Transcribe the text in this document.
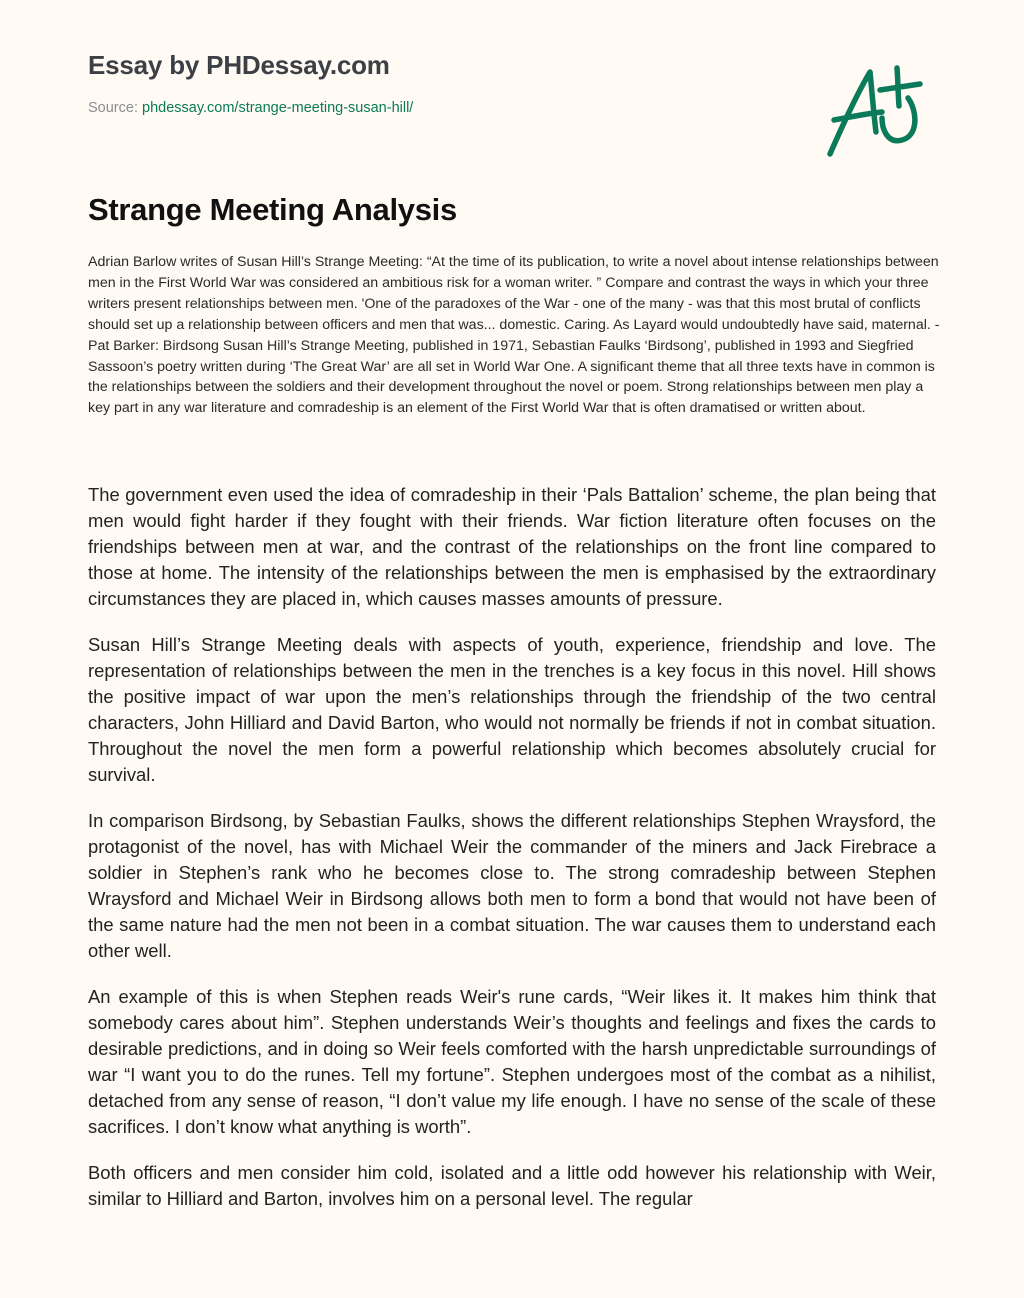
Essay by PHDessay.com
Source: phdessay.com/strange-meeting-susan-hill/
Strange Meeting Analysis

Adrian Barlow writes of Susan Hill’s Strange Meeting: “At the time of its publication, to write a novel about intense relationships between men in the First World War was considered an ambitious risk for a woman writer. ” Compare and contrast the ways in which your three writers present relationships between men. 'One of the paradoxes of the War - one of the many - was that this most brutal of conflicts should set up a relationship between officers and men that was... domestic. Caring. As Layard would undoubtedly have said, maternal. -Pat Barker: Birdsong Susan Hill’s Strange Meeting, published in 1971, Sebastian Faulks ‘Birdsong’, published in 1993 and Siegfried Sassoon’s poetry written during ‘The Great War’ are all set in World War One. A significant theme that all three texts have in common is the relationships between the soldiers and their development throughout the novel or poem. Strong relationships between men play a key part in any war literature and comradeship is an element of the First World War that is often dramatised or written about.

The government even used the idea of comradeship in their ‘Pals Battalion’ scheme, the plan being that men would fight harder if they fought with their friends. War fiction literature often focuses on the friendships between men at war, and the contrast of the relationships on the front line compared to those at home. The intensity of the relationships between the men is emphasised by the extraordinary circumstances they are placed in, which causes masses amounts of pressure.

Susan Hill’s Strange Meeting deals with aspects of youth, experience, friendship and love. The representation of relationships between the men in the trenches is a key focus in this novel. Hill shows the positive impact of war upon the men’s relationships through the friendship of the two central characters, John Hilliard and David Barton, who would not normally be friends if not in combat situation. Throughout the novel the men form a powerful relationship which becomes absolutely crucial for survival.

In comparison Birdsong, by Sebastian Faulks, shows the different relationships Stephen Wraysford, the protagonist of the novel, has with Michael Weir the commander of the miners and Jack Firebrace a soldier in Stephen’s rank who he becomes close to. The strong comradeship between Stephen Wraysford and Michael Weir in Birdsong allows both men to form a bond that would not have been of the same nature had the men not been in a combat situation. The war causes them to understand each other well.

An example of this is when Stephen reads Weir's rune cards, “Weir likes it. It makes him think that somebody cares about him”. Stephen understands Weir’s thoughts and feelings and fixes the cards to desirable predictions, and in doing so Weir feels comforted with the harsh unpredictable surroundings of war “I want you to do the runes. Tell my fortune”. Stephen undergoes most of the combat as a nihilist, detached from any sense of reason, “I don’t value my life enough. I have no sense of the scale of these sacrifices. I don’t know what anything is worth”.

Both officers and men consider him cold, isolated and a little odd however his relationship with Weir, similar to Hilliard and Barton, involves him on a personal level. The regular
